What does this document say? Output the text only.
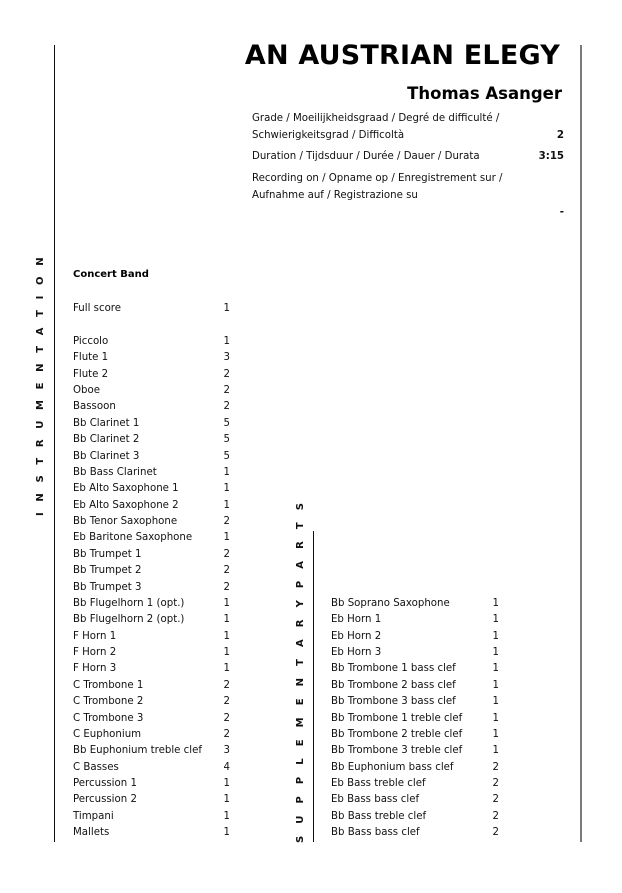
AN AUSTRIAN ELEGY
Thomas Asanger
Grade / Moeilijkheidsgraad / Degré de difficulté /
Schwierigkeitsgrad / Difficoltà	2
Duration / Tijdsduur / Durée / Dauer / Durata	3:15
Recording on / Opname op / Enregistrement sur /
Aufnahme auf / Registrazione su
-
I N S T R U M E N T A T I O N
S U P P L E M E N T A R Y P A R T S
Concert Band
Full score	1
Piccolo	1
Flute 1	3
Flute 2	2
Oboe	2
Bassoon	2
Bb Clarinet 1	5
Bb Clarinet 2	5
Bb Clarinet 3	5
Bb Bass Clarinet	1
Eb Alto Saxophone 1	1
Eb Alto Saxophone 2	1
Bb Tenor Saxophone	2
Eb Baritone Saxophone	1
Bb Trumpet 1	2
Bb Trumpet 2	2
Bb Trumpet 3	2
Bb Flugelhorn 1 (opt.)	1
Bb Flugelhorn 2 (opt.)	1
F Horn 1	1
F Horn 2	1
F Horn 3	1
C Trombone 1	2
C Trombone 2	2
C Trombone 3	2
C Euphonium	2
Bb Euphonium treble clef 3
C Basses	4
Percussion 1	1
Percussion 2	1
Timpani	1
Mallets	1
Bb Soprano Saxophone	1
Eb Horn 1	1
Eb Horn 2	1
Eb Horn 3	1
Bb Trombone 1 bass clef	1
Bb Trombone 2 bass clef	1
Bb Trombone 3 bass clef	1
Bb Trombone 1 treble clef	1
Bb Trombone 2 treble clef	1
Bb Trombone 3 treble clef	1
Bb Euphonium bass clef	2
Eb Bass treble clef	2
Eb Bass bass clef	2
Bb Bass treble clef	2
Bb Bass bass clef	2
